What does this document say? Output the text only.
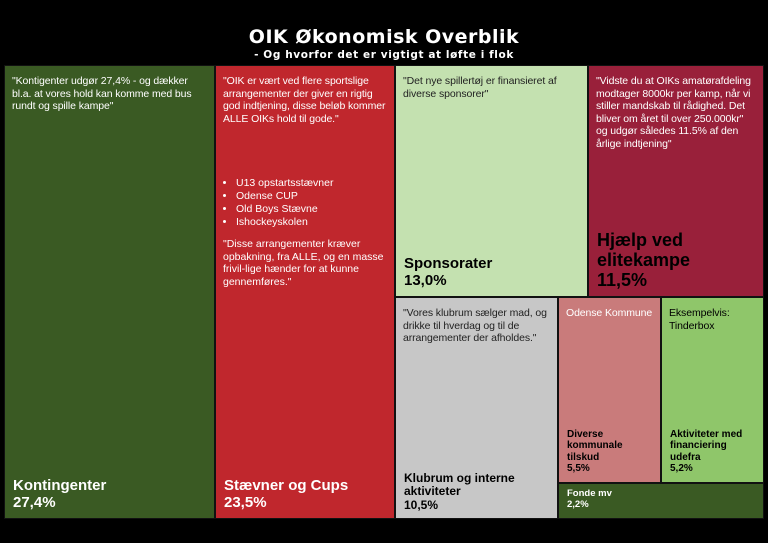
OIK Økonomisk Overblik
- Og hvorfor det er vigtigt at løfte i flok
"Kontigenter udgør 27,4% - og dækker bl.a. at vores hold kan komme med bus rundt og spille kampe"
Kontingenter
27,4%
"OIK er vært ved flere sportslige arrangementer der giver en rigtig god indtjening, disse beløb kommer ALLE OIKs hold til gode."
• U13 opstartsstævner
• Odense CUP
• Old Boys Stævne
• Ishockeyskolen
"Disse arrangementer kræver opbakning, fra ALLE, og en masse frivil-lige hænder for at kunne gennemføres."
Stævner og Cups
23,5%
"Det nye spillertøj er finansieret af diverse sponsorer"
Sponsorater
13,0%
"Vidste du at OIKs amatørafdeling modtager 8000kr per kamp, når vi stiller mandskab til rådighed. Det bliver om året til over 250.000kr" og udgør således 11.5% af den årlige indtjening"
Hjælp ved elitekampe
11,5%
"Vores klubrum sælger mad, og drikke til hverdag og til de arrangementer der afholdes."
Klubrum og interne aktiviteter
10,5%
Odense Kommune
Diverse kommunale tilskud
5,5%
Eksempelvis: Tinderbox
Aktiviteter med financiering udefra
5,2%
Fonde mv
2,2%
